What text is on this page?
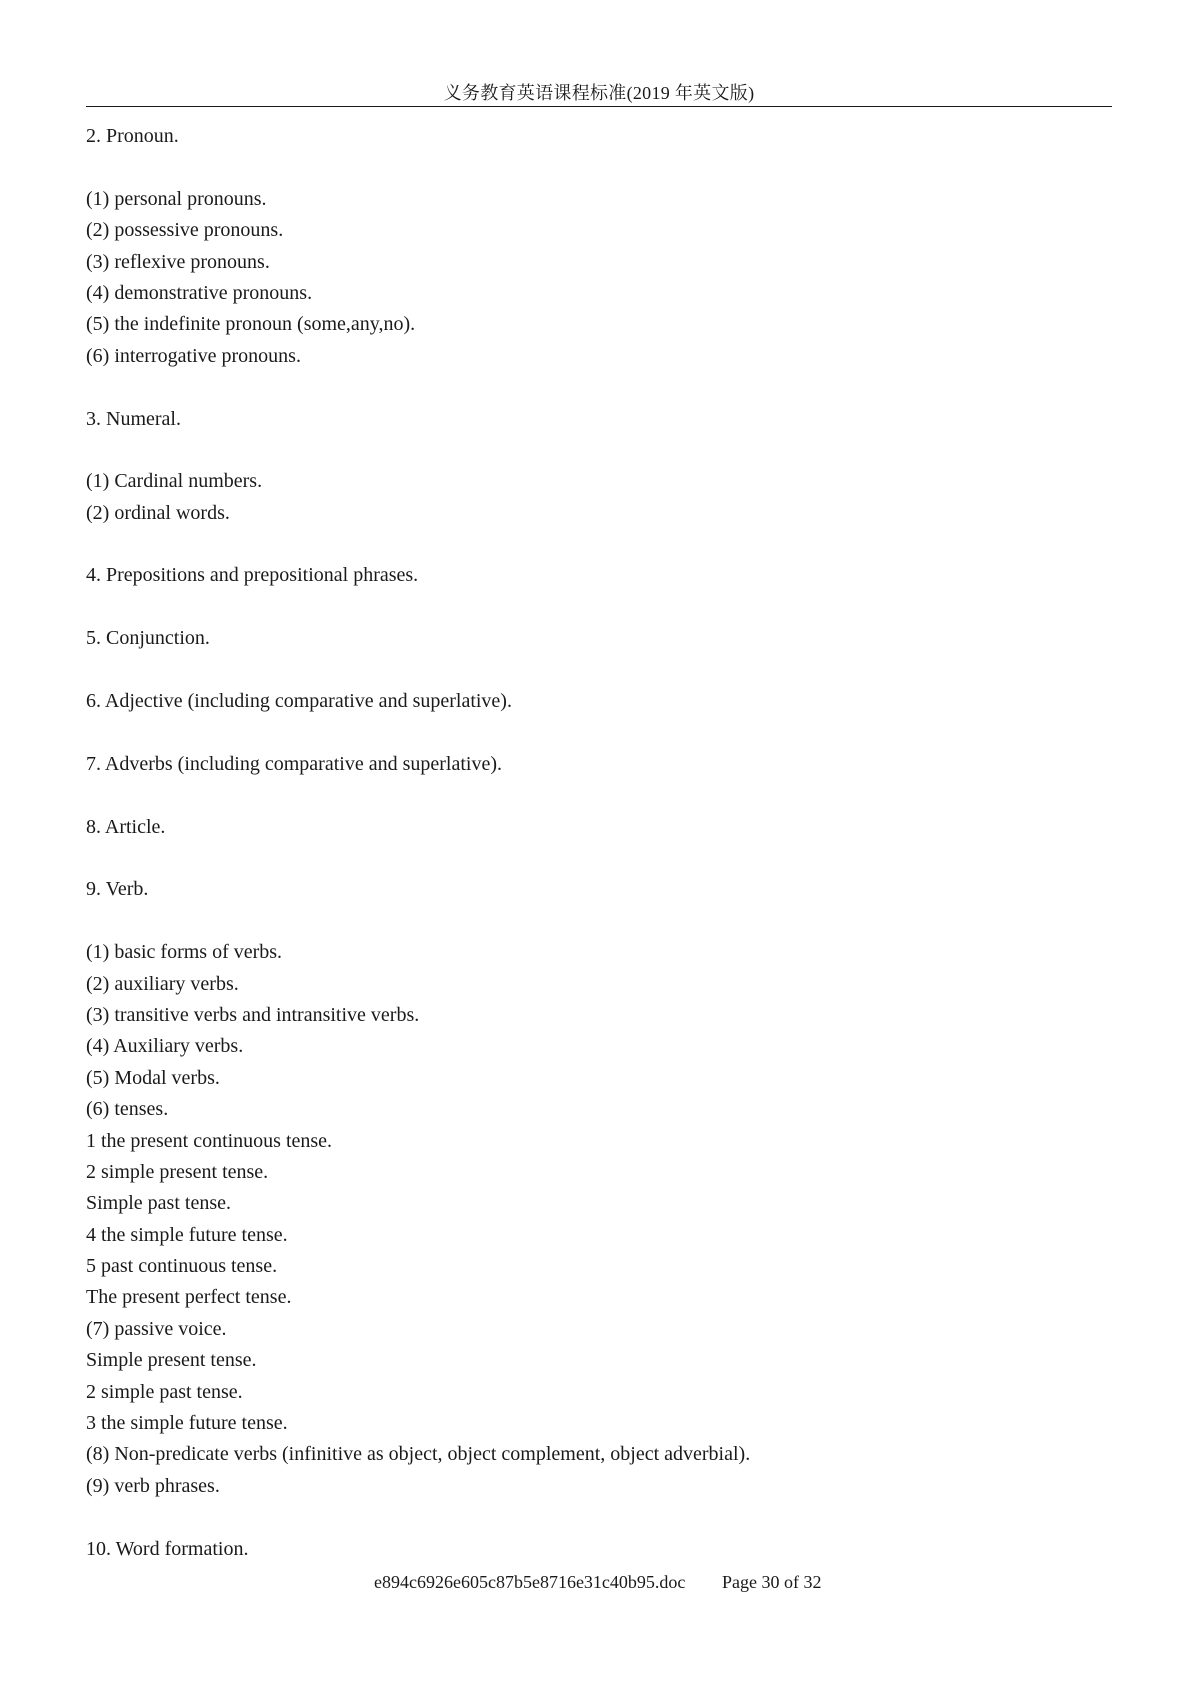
义务教育英语课程标准(2019 年英文版)
2. Pronoun.
(1) personal pronouns.
(2) possessive pronouns.
(3) reflexive pronouns.
(4) demonstrative pronouns.
(5) the indefinite pronoun (some,any,no).
(6) interrogative pronouns.
3. Numeral.
(1) Cardinal numbers.
(2) ordinal words.
4. Prepositions and prepositional phrases.
5. Conjunction.
6. Adjective (including comparative and superlative).
7. Adverbs (including comparative and superlative).
8. Article.
9. Verb.
(1) basic forms of verbs.
(2) auxiliary verbs.
(3) transitive verbs and intransitive verbs.
(4) Auxiliary verbs.
(5) Modal verbs.
(6) tenses.
1 the present continuous tense.
2 simple present tense.
Simple past tense.
4 the simple future tense.
5 past continuous tense.
The present perfect tense.
(7) passive voice.
Simple present tense.
2 simple past tense.
3 the simple future tense.
(8) Non-predicate verbs (infinitive as object, object complement, object adverbial).
(9) verb phrases.
10. Word formation.
e894c6926e605c87b5e8716e31c40b95.doc Page 30 of 32
